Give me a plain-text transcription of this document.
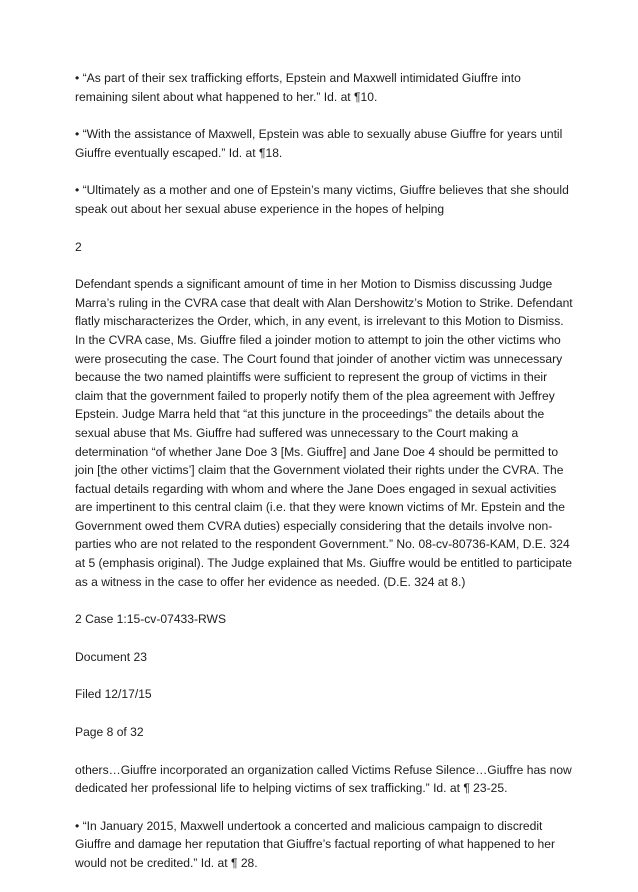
• “As part of their sex trafficking efforts, Epstein and Maxwell intimidated Giuffre into remaining silent about what happened to her.” Id. at ¶10.

• “With the assistance of Maxwell, Epstein was able to sexually abuse Giuffre for years until Giuffre eventually escaped.” Id. at ¶18.

• “Ultimately as a mother and one of Epstein’s many victims, Giuffre believes that she should speak out about her sexual abuse experience in the hopes of helping

2

Defendant spends a significant amount of time in her Motion to Dismiss discussing Judge Marra’s ruling in the CVRA case that dealt with Alan Dershowitz’s Motion to Strike. Defendant flatly mischaracterizes the Order, which, in any event, is irrelevant to this Motion to Dismiss. In the CVRA case, Ms. Giuffre filed a joinder motion to attempt to join the other victims who were prosecuting the case. The Court found that joinder of another victim was unnecessary because the two named plaintiffs were sufficient to represent the group of victims in their claim that the government failed to properly notify them of the plea agreement with Jeffrey Epstein. Judge Marra held that “at this juncture in the proceedings” the details about the sexual abuse that Ms. Giuffre had suffered was unnecessary to the Court making a determination “of whether Jane Doe 3 [Ms. Giuffre] and Jane Doe 4 should be permitted to join [the other victims’] claim that the Government violated their rights under the CVRA. The factual details regarding with whom and where the Jane Does engaged in sexual activities are impertinent to this central claim (i.e. that they were known victims of Mr. Epstein and the Government owed them CVRA duties) especially considering that the details involve non-parties who are not related to the respondent Government.” No. 08-cv-80736-KAM, D.E. 324 at 5 (emphasis original). The Judge explained that Ms. Giuffre would be entitled to participate as a witness in the case to offer her evidence as needed. (D.E. 324 at 8.)

2 Case 1:15-cv-07433-RWS

Document 23

Filed 12/17/15

Page 8 of 32

others…Giuffre incorporated an organization called Victims Refuse Silence…Giuffre has now dedicated her professional life to helping victims of sex trafficking.” Id. at ¶ 23-25.

• “In January 2015, Maxwell undertook a concerted and malicious campaign to discredit Giuffre and damage her reputation that Giuffre’s factual reporting of what happened to her would not be credited.” Id. at ¶ 28.
